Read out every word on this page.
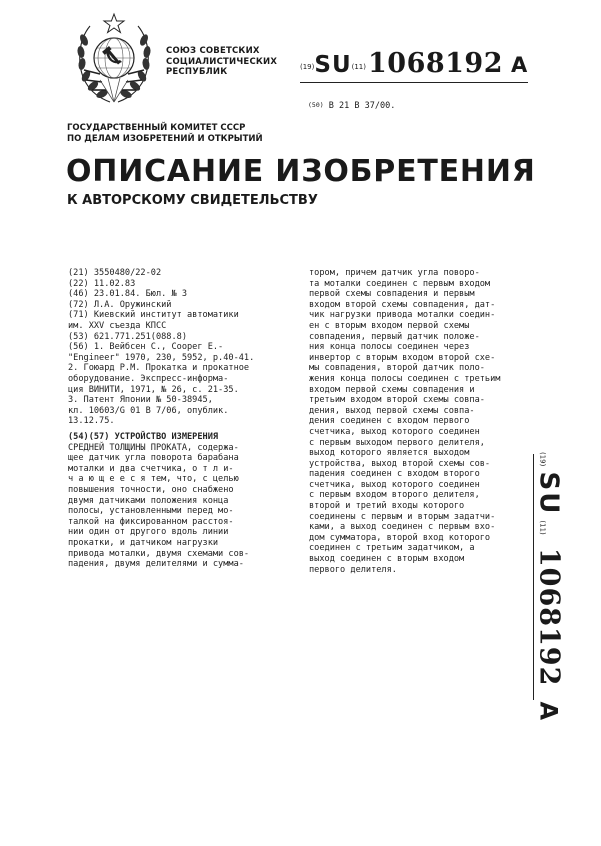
СОЮЗ СОВЕТСКИХ
СОЦИАЛИСТИЧЕСКИХ
РЕСПУБЛИК	(19)SU(11)1068192 A
(50) В 21 В 37/00.
ГОСУДАРСТВЕННЫЙ КОМИТЕТ СССР
ПО ДЕЛАМ ИЗОБРЕТЕНИЙ И ОТКРЫТИЙ
ОПИСАНИЕ ИЗОБРЕТЕНИЯ
К АВТОРСКОМУ СВИДЕТЕЛЬСТВУ
(21) 3550480/22-02
(22) 11.02.83
(46) 23.01.84. Бюл. № 3
(72) Л.А. Оружинский
(71) Киевский институт автоматики
им. XXV съезда КПСС
(53) 621.771.251(088.8)
(56) 1. Вейбсен С., Соорег Е.-
"Engineer" 1970, 230, 5952, р.40-41.
2. Гоюард Р.М. Прокатка и прокатное оборудование. Экспресс-информа-
ция ВИНИТИ, 1971, № 26, с. 21-35.
3. Патент Японии № 50-38945,
кл. 10603/G 01 В 7/06, опублик.
13.12.75.
(54)(57) УСТРОЙСТВО ИЗМЕРЕНИЯ
СРЕДНЕЙ ТОЛЩИНЫ ПРОКАТА, содержа-
щее датчик угла поворота барабана
моталки и два счетчика, о т л и-
ч а ю щ е е с я тем, что, с целью
повышения точности, оно снабжено
двумя датчиками положения конца
полосы, установленными перед мо-
талкой на фиксированном расстоя-
нии один от другого вдоль линии
прокатки, и датчиком нагрузки
привода моталки, двумя схемами сов-
падения, двумя делителями и сумма-
тором, причем датчик угла поворо-
та моталки соединен с первым входом
первой схемы совпадения и первым
входом второй схемы совпадения, дат-
чик нагрузки привода моталки соедин-
ен с вторым входом первой схемы
совпадения, первый датчик положе-
ния конца полосы соединен через
инвертор с вторым входом второй схе-
мы совпадения, второй датчик поло-
жения конца полосы соединен с третьим
входом первой схемы совпадения и
третьим входом второй схемы совпа-
дения, выход первой схемы совпа-
дения соединен с входом первого
счетчика, выход которого соединен
с первым выходом первого делителя,
выход которого является выходом
устройства, выход второй схемы сов-
падения соединен с входом второго
счетчика, выход которого соединен
с первым входом второго делителя,
второй и третий входы которого
соединены с первым и вторым задатчи-
ками, а выход соединен с первым вхо-
дом сумматора, второй вход которого
соединен с третьим задатчиком, а
выход соединен с вторым входом
первого делителя.
(19) SU (11) 1068192 A
